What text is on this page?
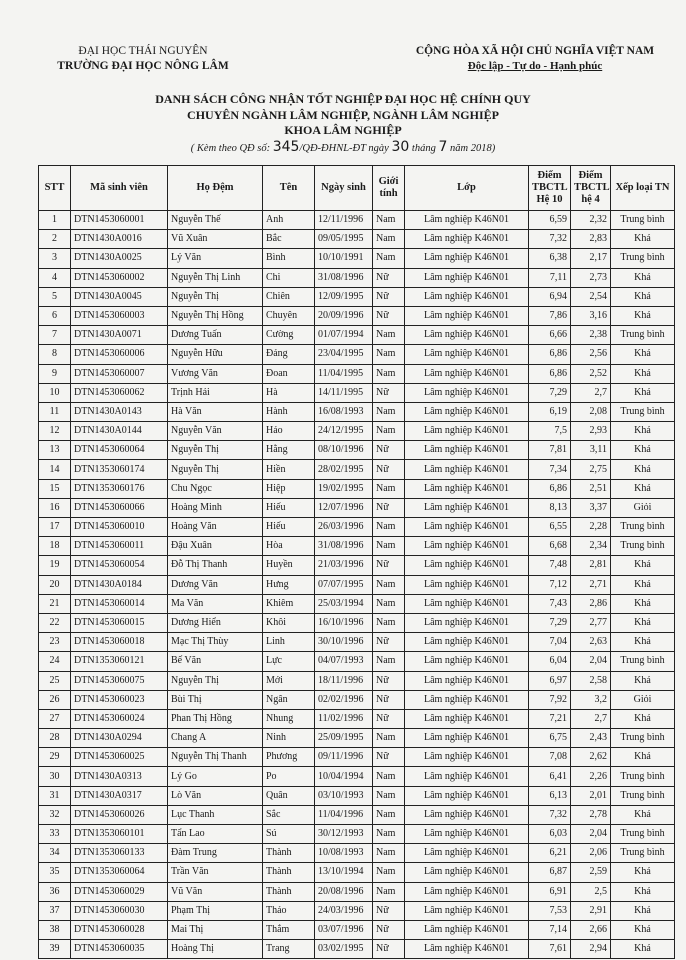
ĐẠI HỌC THÁI NGUYÊN
TRƯỜNG ĐẠI HỌC NÔNG LÂM
CỘNG HÒA XÃ HỘI CHỦ NGHĨA VIỆT NAM
Độc lập - Tự do - Hạnh phúc
DANH SÁCH CÔNG NHẬN TỐT NGHIỆP ĐẠI HỌC HỆ CHÍNH QUY
CHUYÊN NGÀNH LÂM NGHIỆP, NGÀNH LÂM NGHIỆP
KHOA LÂM NGHIỆP
( Kèm theo QĐ số: 345/QĐ-ĐHNL-ĐT ngày 30 tháng 7 năm 2018)
STT	Mã sinh viên	Họ Đệm	Tên	Ngày sinh	Giới tính	Lớp	Điểm TBCTL Hệ 10	Điểm TBCTL hệ 4	Xếp loại TN
1	DTN1453060001	Nguyễn Thế	Anh	12/11/1996	Nam	Lâm nghiệp K46N01	6,59	2,32	Trung bình
2	DTN1430A0016	Vũ Xuân	Bắc	09/05/1995	Nam	Lâm nghiệp K46N01	7,32	2,83	Khá
3	DTN1430A0025	Lý Văn	Bình	10/10/1991	Nam	Lâm nghiệp K46N01	6,38	2,17	Trung bình
4	DTN1453060002	Nguyễn Thị Linh	Chi	31/08/1996	Nữ	Lâm nghiệp K46N01	7,11	2,73	Khá
5	DTN1430A0045	Nguyễn Thị	Chiên	12/09/1995	Nữ	Lâm nghiệp K46N01	6,94	2,54	Khá
6	DTN1453060003	Nguyễn Thị Hồng	Chuyên	20/09/1996	Nữ	Lâm nghiệp K46N01	7,86	3,16	Khá
7	DTN1430A0071	Dương Tuấn	Cường	01/07/1994	Nam	Lâm nghiệp K46N01	6,66	2,38	Trung bình
8	DTN1453060006	Nguyễn Hữu	Đảng	23/04/1995	Nam	Lâm nghiệp K46N01	6,86	2,56	Khá
9	DTN1453060007	Vương Văn	Đoan	11/04/1995	Nam	Lâm nghiệp K46N01	6,86	2,52	Khá
10	DTN1453060062	Trịnh Hải	Hà	14/11/1995	Nữ	Lâm nghiệp K46N01	7,29	2,7	Khá
11	DTN1430A0143	Hà Văn	Hành	16/08/1993	Nam	Lâm nghiệp K46N01	6,19	2,08	Trung bình
12	DTN1430A0144	Nguyễn Văn	Hảo	24/12/1995	Nam	Lâm nghiệp K46N01	7,5	2,93	Khá
13	DTN1453060064	Nguyễn Thị	Hằng	08/10/1996	Nữ	Lâm nghiệp K46N01	7,81	3,11	Khá
14	DTN1353060174	Nguyễn Thị	Hiền	28/02/1995	Nữ	Lâm nghiệp K46N01	7,34	2,75	Khá
15	DTN1353060176	Chu Ngọc	Hiệp	19/02/1995	Nam	Lâm nghiệp K46N01	6,86	2,51	Khá
16	DTN1453060066	Hoàng Minh	Hiếu	12/07/1996	Nữ	Lâm nghiệp K46N01	8,13	3,37	Giỏi
17	DTN1453060010	Hoàng Văn	Hiếu	26/03/1996	Nam	Lâm nghiệp K46N01	6,55	2,28	Trung bình
18	DTN1453060011	Đậu Xuân	Hòa	31/08/1996	Nam	Lâm nghiệp K46N01	6,68	2,34	Trung bình
19	DTN1453060054	Đỗ Thị Thanh	Huyền	21/03/1996	Nữ	Lâm nghiệp K46N01	7,48	2,81	Khá
20	DTN1430A0184	Dương Văn	Hưng	07/07/1995	Nam	Lâm nghiệp K46N01	7,12	2,71	Khá
21	DTN1453060014	Ma Văn	Khiêm	25/03/1994	Nam	Lâm nghiệp K46N01	7,43	2,86	Khá
22	DTN1453060015	Dương Hiển	Khôi	16/10/1996	Nam	Lâm nghiệp K46N01	7,29	2,77	Khá
23	DTN1453060018	Mạc Thị Thùy	Linh	30/10/1996	Nữ	Lâm nghiệp K46N01	7,04	2,63	Khá
24	DTN1353060121	Bế Văn	Lực	04/07/1993	Nam	Lâm nghiệp K46N01	6,04	2,04	Trung bình
25	DTN1453060075	Nguyễn Thị	Mới	18/11/1996	Nữ	Lâm nghiệp K46N01	6,97	2,58	Khá
26	DTN1453060023	Bùi Thị	Ngân	02/02/1996	Nữ	Lâm nghiệp K46N01	7,92	3,2	Giỏi
27	DTN1453060024	Phan Thị Hồng	Nhung	11/02/1996	Nữ	Lâm nghiệp K46N01	7,21	2,7	Khá
28	DTN1430A0294	Chang A	Ninh	25/09/1995	Nam	Lâm nghiệp K46N01	6,75	2,43	Trung bình
29	DTN1453060025	Nguyễn Thị Thanh	Phương	09/11/1996	Nữ	Lâm nghiệp K46N01	7,08	2,62	Khá
30	DTN1430A0313	Lý Go	Po	10/04/1994	Nam	Lâm nghiệp K46N01	6,41	2,26	Trung bình
31	DTN1430A0317	Lò Văn	Quân	03/10/1993	Nam	Lâm nghiệp K46N01	6,13	2,01	Trung bình
32	DTN1453060026	Lục Thanh	Sắc	11/04/1996	Nam	Lâm nghiệp K46N01	7,32	2,78	Khá
33	DTN1353060101	Tẩn Lao	Sú	30/12/1993	Nam	Lâm nghiệp K46N01	6,03	2,04	Trung bình
34	DTN1353060133	Đàm Trung	Thành	10/08/1993	Nam	Lâm nghiệp K46N01	6,21	2,06	Trung bình
35	DTN1353060064	Trần Văn	Thành	13/10/1994	Nam	Lâm nghiệp K46N01	6,87	2,59	Khá
36	DTN1453060029	Vũ Văn	Thành	20/08/1996	Nam	Lâm nghiệp K46N01	6,91	2,5	Khá
37	DTN1453060030	Phạm Thị	Thảo	24/03/1996	Nữ	Lâm nghiệp K46N01	7,53	2,91	Khá
38	DTN1453060028	Mai Thị	Thắm	03/07/1996	Nữ	Lâm nghiệp K46N01	7,14	2,66	Khá
39	DTN1453060035	Hoàng Thị	Trang	03/02/1995	Nữ	Lâm nghiệp K46N01	7,61	2,94	Khá
